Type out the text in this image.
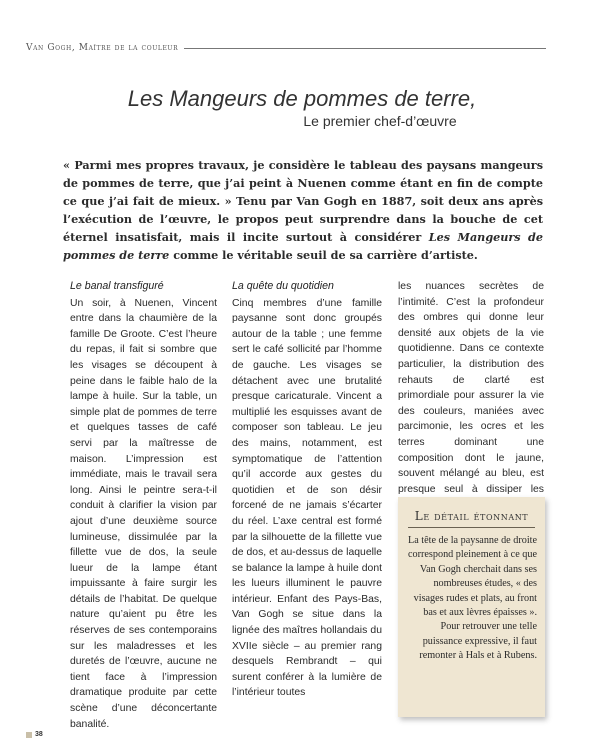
Van Gogh, Maître de la couleur
Les Mangeurs de pommes de terre,
Le premier chef-d’œuvre
« Parmi mes propres travaux, je considère le tableau des paysans mangeurs de pommes de terre, que j’ai peint à Nuenen comme étant en fin de compte ce que j’ai fait de mieux. » Tenu par Van Gogh en 1887, soit deux ans après l’exécution de l’œuvre, le propos peut surprendre dans la bouche de cet éternel insatisfait, mais il incite surtout à considérer Les Mangeurs de pommes de terre comme le véritable seuil de sa carrière d’artiste.
Le banal transfiguré

Un soir, à Nuenen, Vincent entre dans la chaumière de la famille De Groote. C’est l’heure du repas, il fait si sombre que les visages se découpent à peine dans le faible halo de la lampe à huile. Sur la table, un simple plat de pommes de terre et quelques tasses de café servi par la maîtresse de maison. L’impression est immédiate, mais le travail sera long. Ainsi le peintre sera-t-il conduit à clarifier la vision par ajout d’une deuxième source lumineuse, dissimulée par la fillette vue de dos, la seule lueur de la lampe étant impuissante à faire surgir les détails de l’habitat. De quelque nature qu’aient pu être les réserves de ses contemporains sur les maladresses et les duretés de l’œuvre, aucune ne tient face à l’impression dramatique produite par cette scène d’une déconcertante banalité.

La quête du quotidien

Cinq membres d’une famille paysanne sont donc groupés autour de la table ; une femme sert le café sollicité par l’homme de gauche. Les visages se détachent avec une brutalité presque caricaturale. Vincent a multiplié les esquisses avant de composer son tableau. Le jeu des mains, notamment, est symptomatique de l’attention qu’il accorde aux gestes du quotidien et de son désir forcené de ne jamais s’écarter du réel. L’axe central est formé par la silhouette de la fillette vue de dos, et au-dessus de laquelle se balance la lampe à huile dont les lueurs illuminent le pauvre intérieur. Enfant des Pays-Bas, Van Gogh se situe dans la lignée des maîtres hollandais du XVIIe siècle – au premier rang desquels Rembrandt – qui surent conférer à la lumière de l’intérieur toutes

les nuances secrètes de l’intimité. C’est la profondeur des ombres qui donne leur densité aux objets de la vie quotidienne. Dans ce contexte particulier, la distribution des rehauts de clarté est primordiale pour assurer la vie des couleurs, maniées avec parcimonie, les ocres et les terres dominant une composition dont le jaune, souvent mélangé au bleu, est presque seul à dissiper les

Le détail étonnant
La tête de la paysanne de droite correspond pleinement à ce que Van Gogh cherchait dans ses nombreuses études, « des visages rudes et plats, au front bas et aux lèvres épaisses ». Pour retrouver une telle puissance expressive, il faut remonter à Hals et à Rubens.
38
